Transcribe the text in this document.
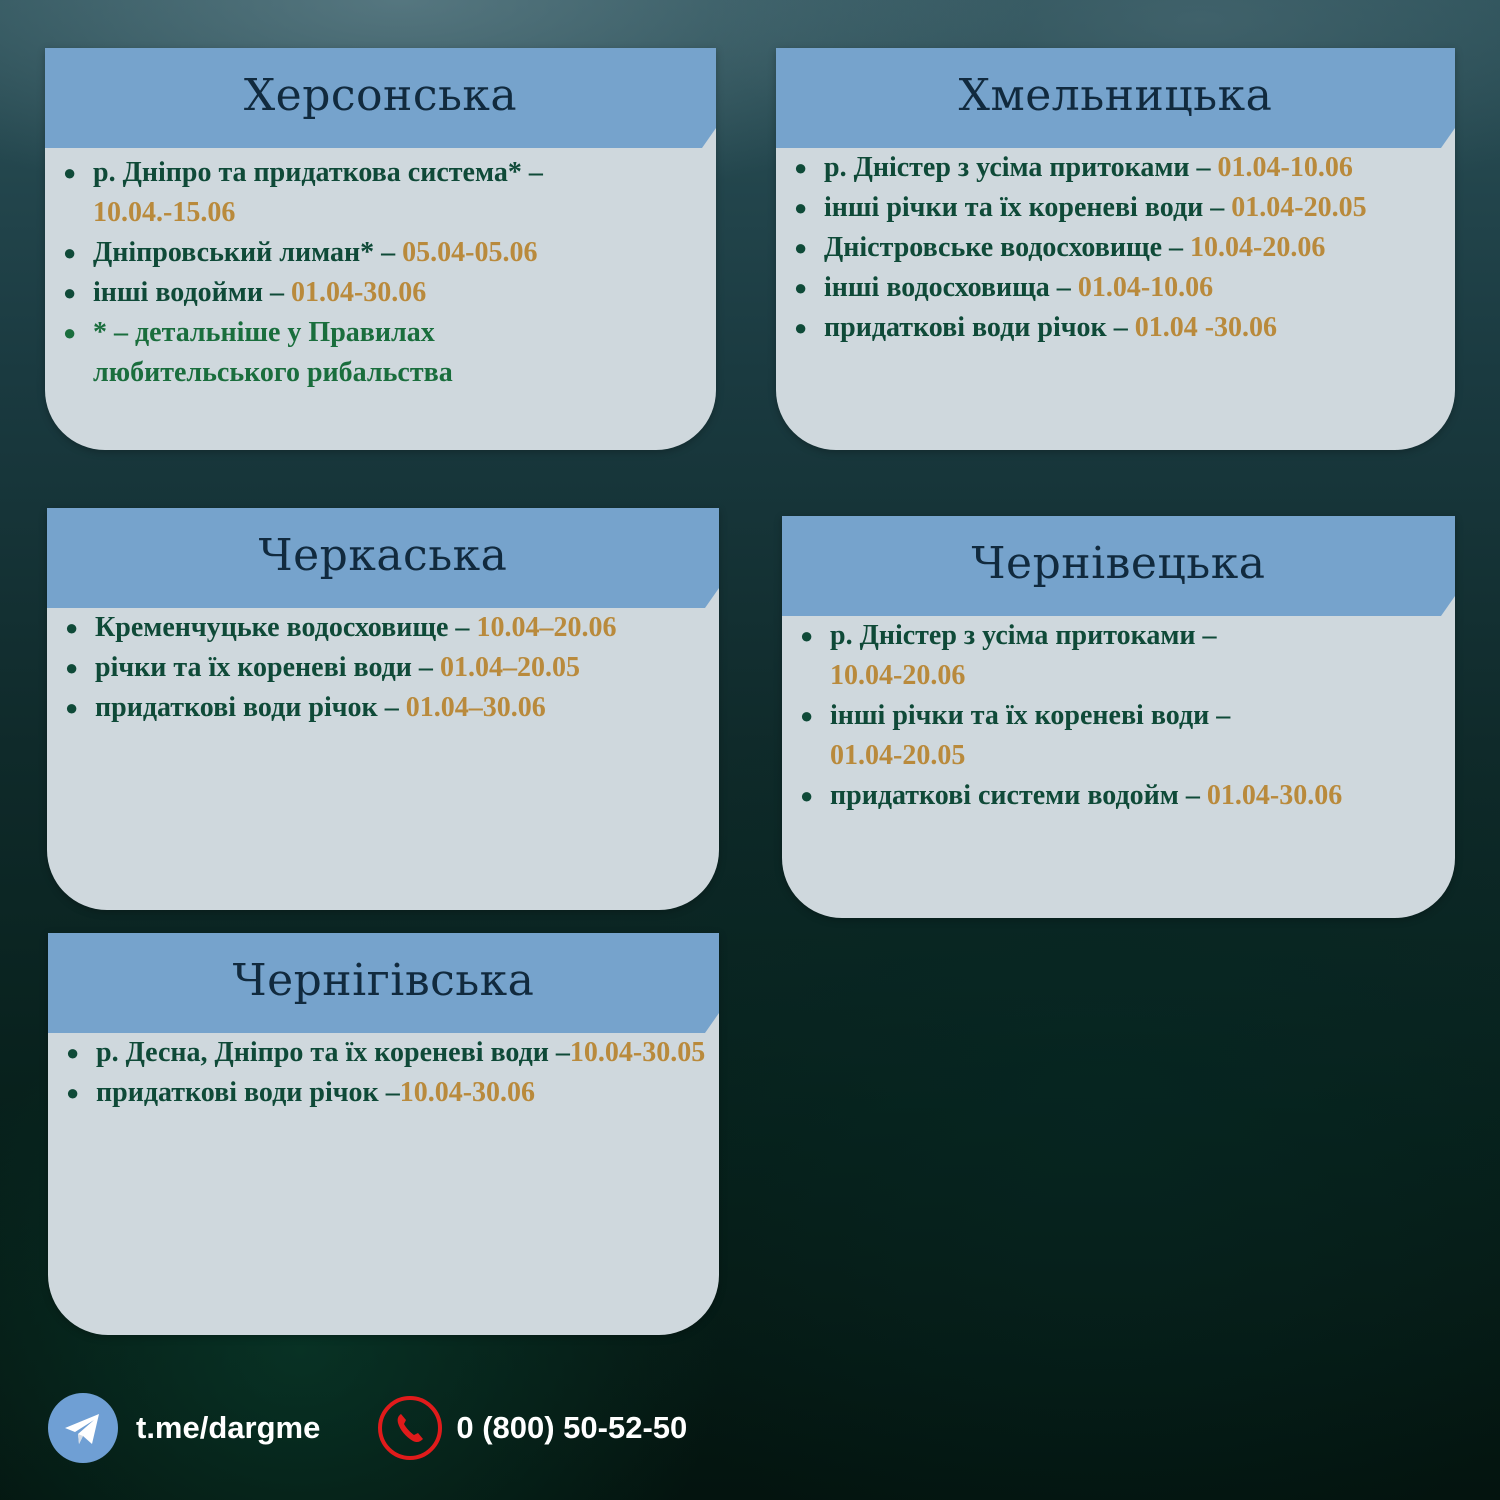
Херсонська
● р. Дніпро та придаткова система* –
10.04.-15.06
● Дніпровський лиман* – 05.04-05.06
● інші водойми – 01.04-30.06
● * – детальніше у Правилах любительського рибальства
Хмельницька
● р. Дністер з усіма притоками – 01.04-10.06
● інші річки та їх кореневі води – 01.04-20.05
● Дністровське водосховище – 10.04-20.06
● інші водосховища – 01.04-10.06
● придаткові води річок – 01.04 -30.06
Черкаська
● Кременчуцьке водосховище – 10.04–20.06
● річки та їх кореневі води – 01.04–20.05
● придаткові води річок – 01.04–30.06
Чернівецька
● р. Дністер з усіма притоками –
10.04-20.06
● інші річки та їх кореневі води –
01.04-20.05
● придаткові системи водойм – 01.04-30.06
Чернігівська
● р. Десна, Дніпро та їх кореневі води –10.04-30.05
● придаткові води річок –10.04-30.06
t.me/dargme	0 (800) 50-52-50
